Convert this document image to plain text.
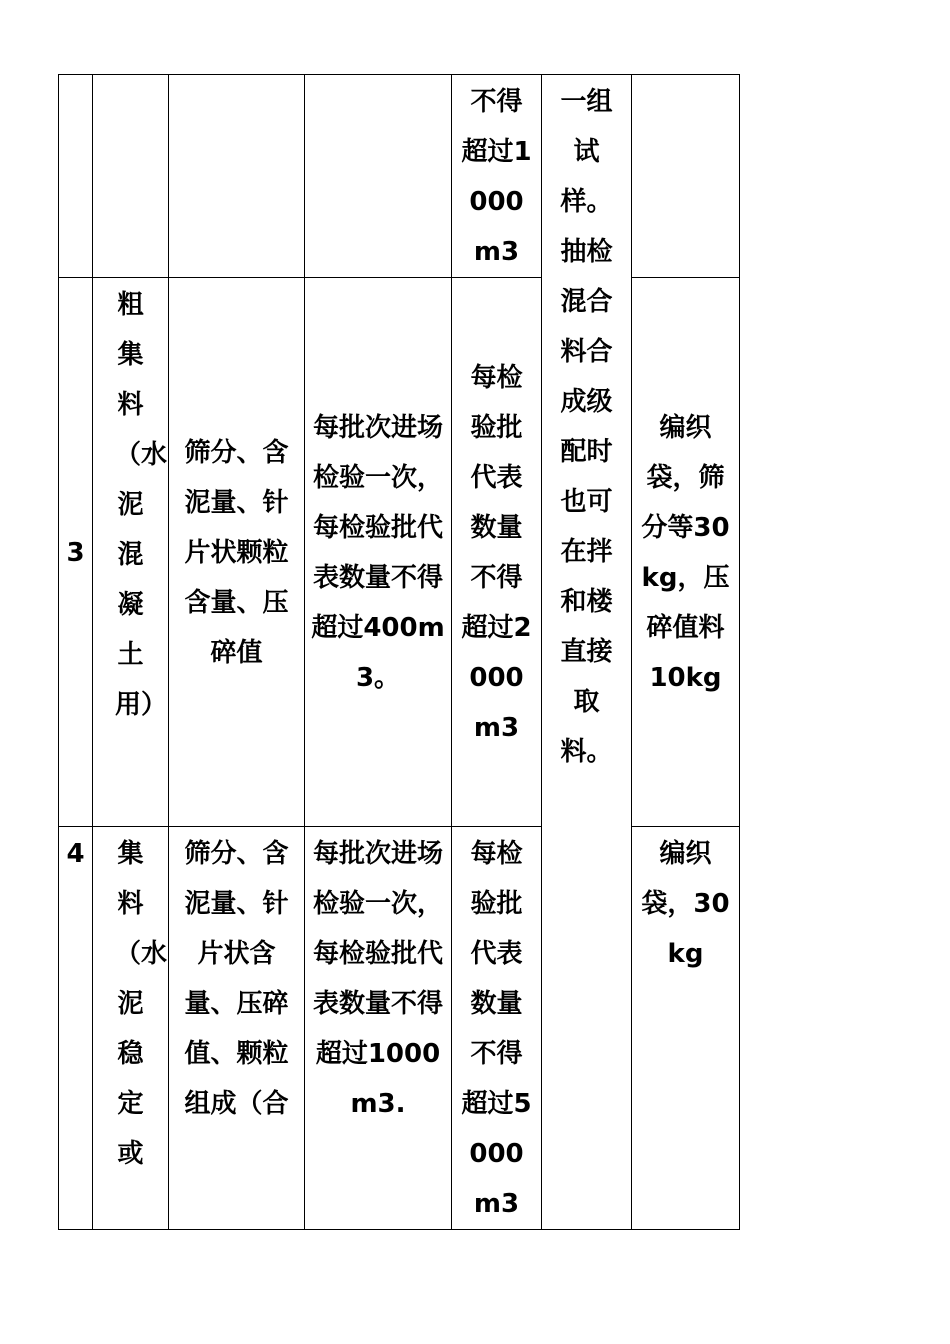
				不得超过1000m3	一组试样。抽检混合料合成级配时也可在拌和楼直接取料。	

3	粗集料（水泥混凝土用）	筛分、含泥量、针片状颗粒含量、压碎值	每批次进场检验一次，每检验批代表数量不得超过400m3。	每检验批代表数量不得超过2000m3		编织袋，筛分等30kg，压碎值料10kg

4	集料（水泥稳定或	筛分、含泥量、针片状含量、压碎值、颗粒组成（合	每批次进场检验一次，每检验批代表数量不得超过1000m3.	每检验批代表数量不得超过5000m3		编织袋，30kg
